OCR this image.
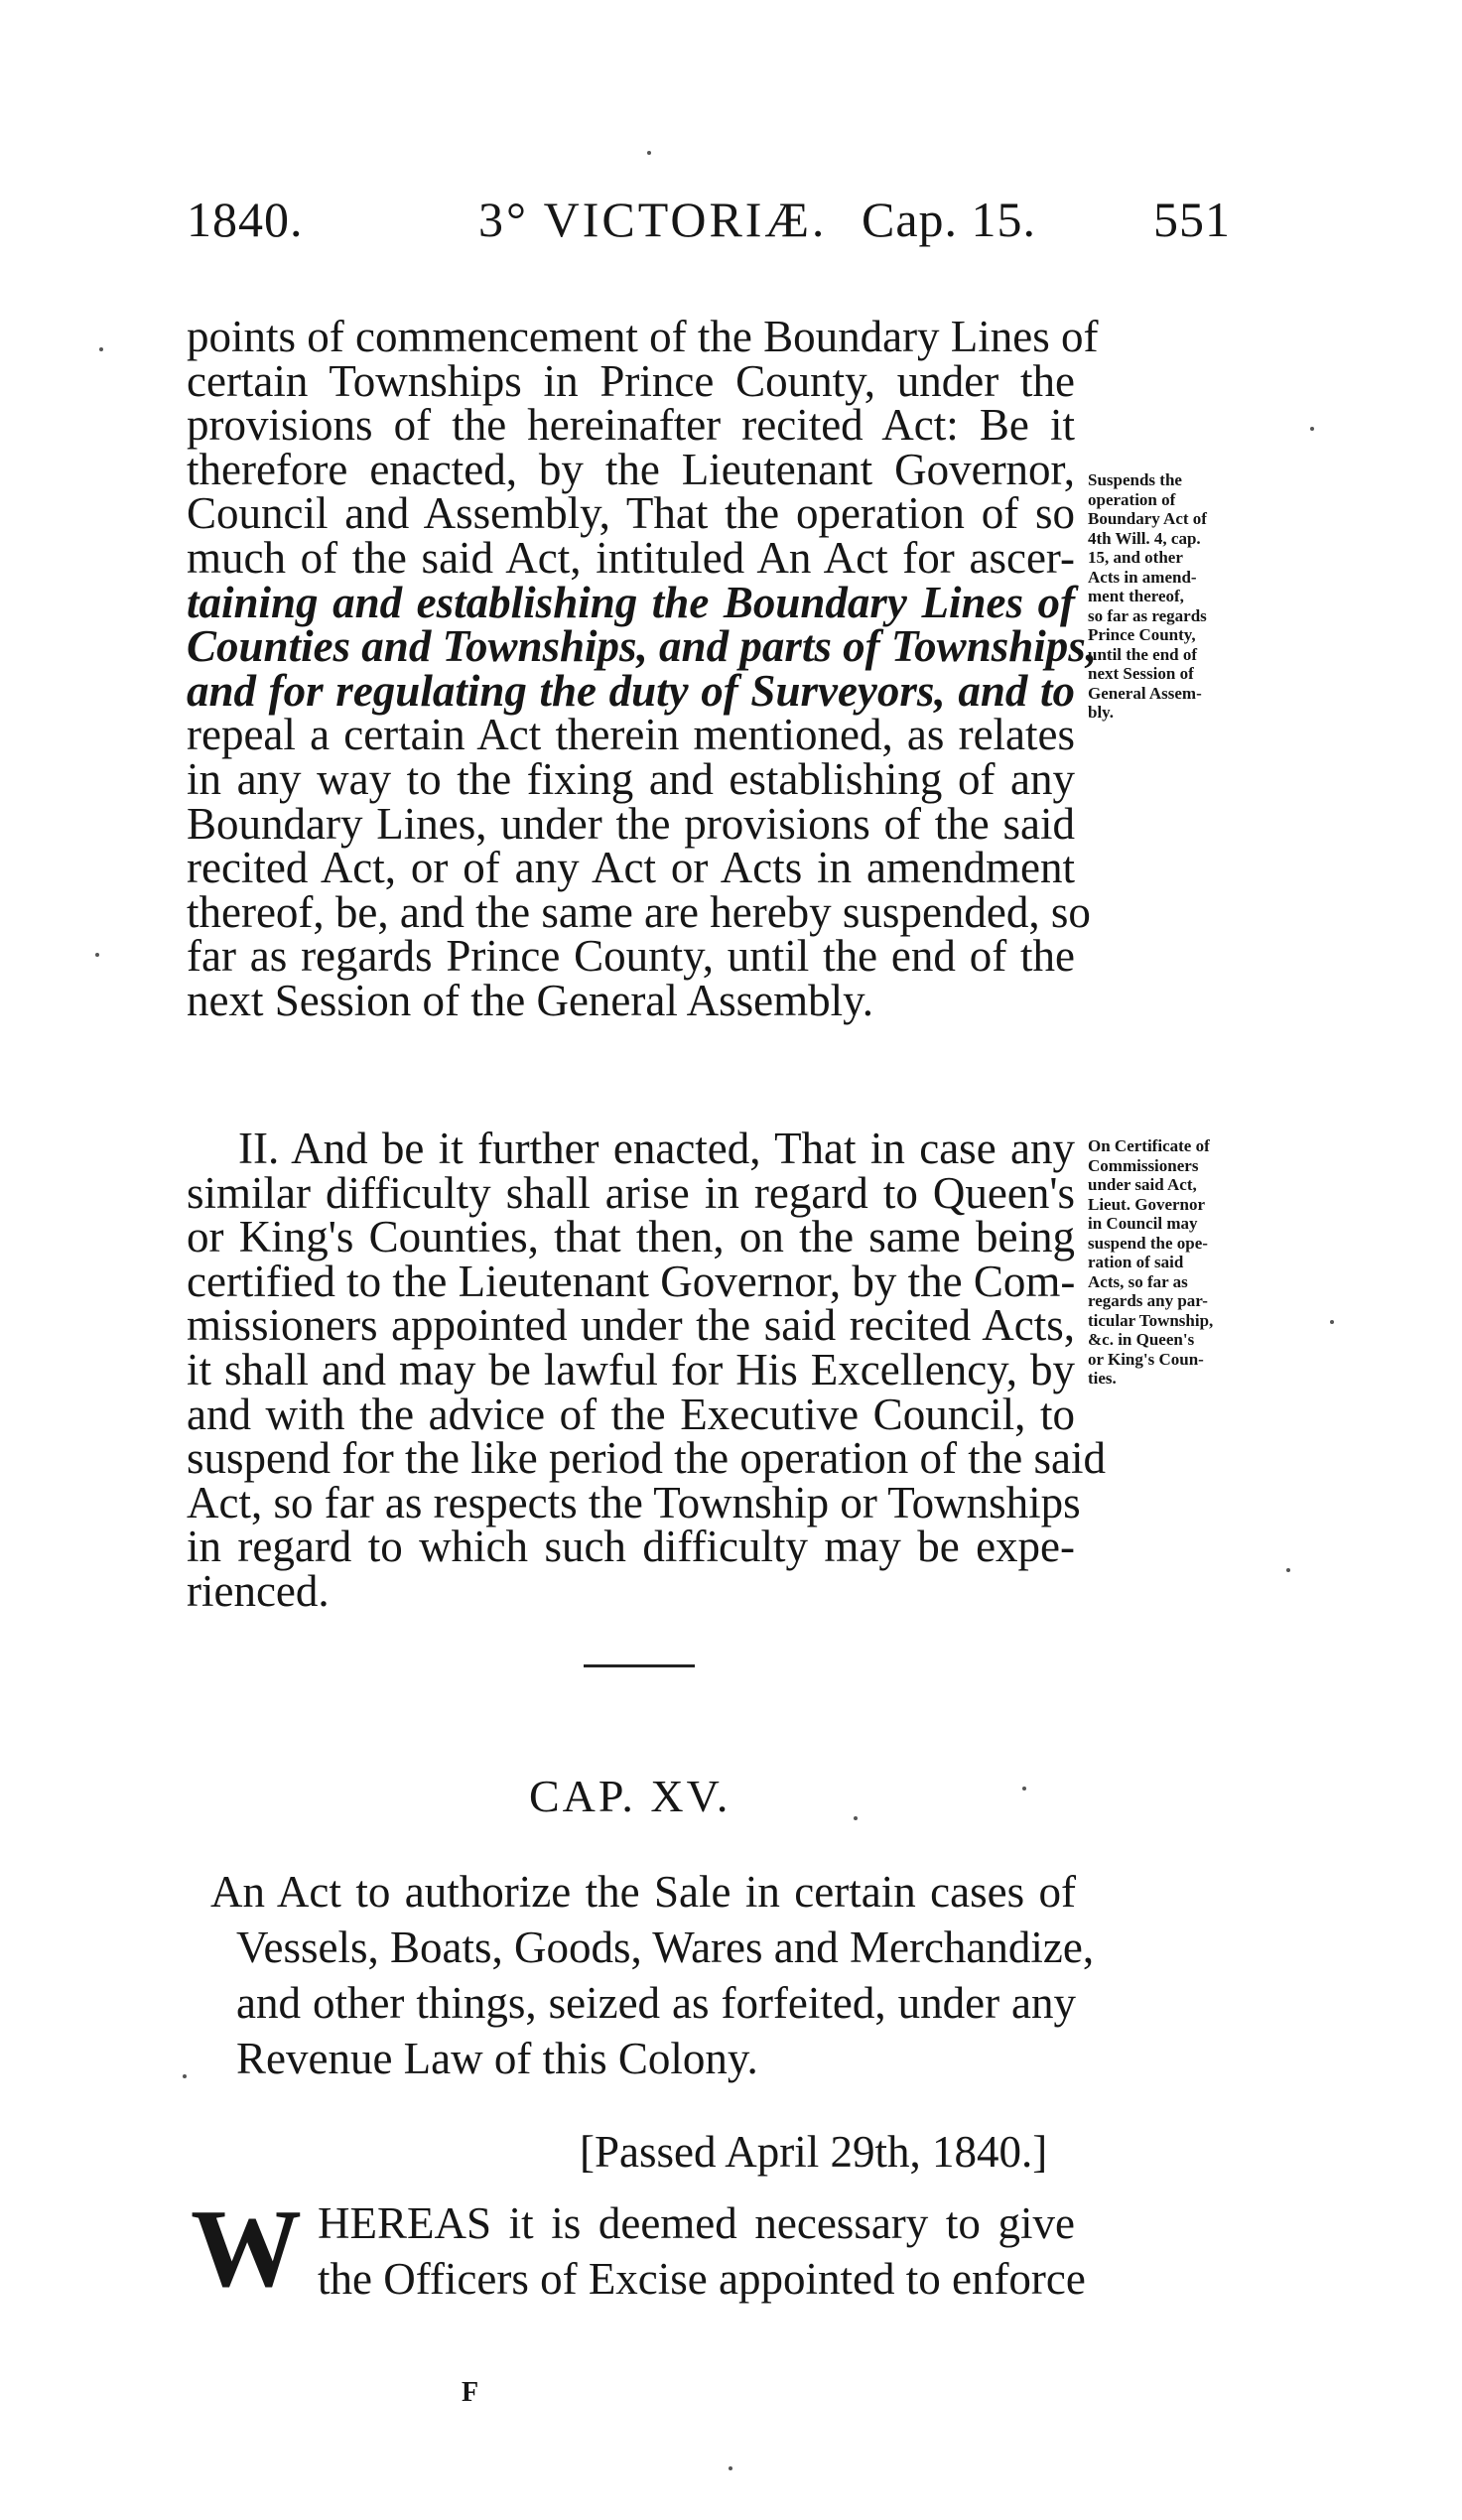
1840.	3° VICTORIÆ. Cap. 15. 551
points of commencement of the Boundary Lines of
certain Townships in Prince County, under the
provisions of the hereinafter recited Act: Be it
therefore enacted, by the Lieutenant Governor,
Council and Assembly, That the operation of so
much of the said Act, intituled An Act for ascer-
taining and establishing the Boundary Lines of
Counties and Townships, and parts of Townships,
and for regulating the duty of Surveyors, and to
repeal a certain Act therein mentioned, as relates
in any way to the fixing and establishing of any
Boundary Lines, under the provisions of the said
recited Act, or of any Act or Acts in amendment
thereof, be, and the same are hereby suspended, so
far as regards Prince County, until the end of the
next Session of the General Assembly.
Suspends the
operation of
Boundary Act of
4th Will. 4, cap.
15, and other
Acts in amend-
ment thereof,
so far as regards
Prince County,
until the end of
next Session of
General Assem-
bly.
II. And be it further enacted, That in case any
similar difficulty shall arise in regard to Queen's
or King's Counties, that then, on the same being
certified to the Lieutenant Governor, by the Com-
missioners appointed under the said recited Acts,
it shall and may be lawful for His Excellency, by
and with the advice of the Executive Council, to
suspend for the like period the operation of the said
Act, so far as respects the Township or Townships
in regard to which such difficulty may be expe-
rienced.
On Certificate of
Commissioners
under said Act,
Lieut. Governor
in Council may
suspend the ope-
ration of said
Acts, so far as
regards any par-
ticular Township,
&c. in Queen's
or King's Coun-
ties.
CAP. XV.
An Act to authorize the Sale in certain cases of
Vessels, Boats, Goods, Wares and Merchandize,
and other things, seized as forfeited, under any
Revenue Law of this Colony.
[Passed April 29th, 1840.]
W HEREAS it is deemed necessary to give
the Officers of Excise appointed to enforce
F
